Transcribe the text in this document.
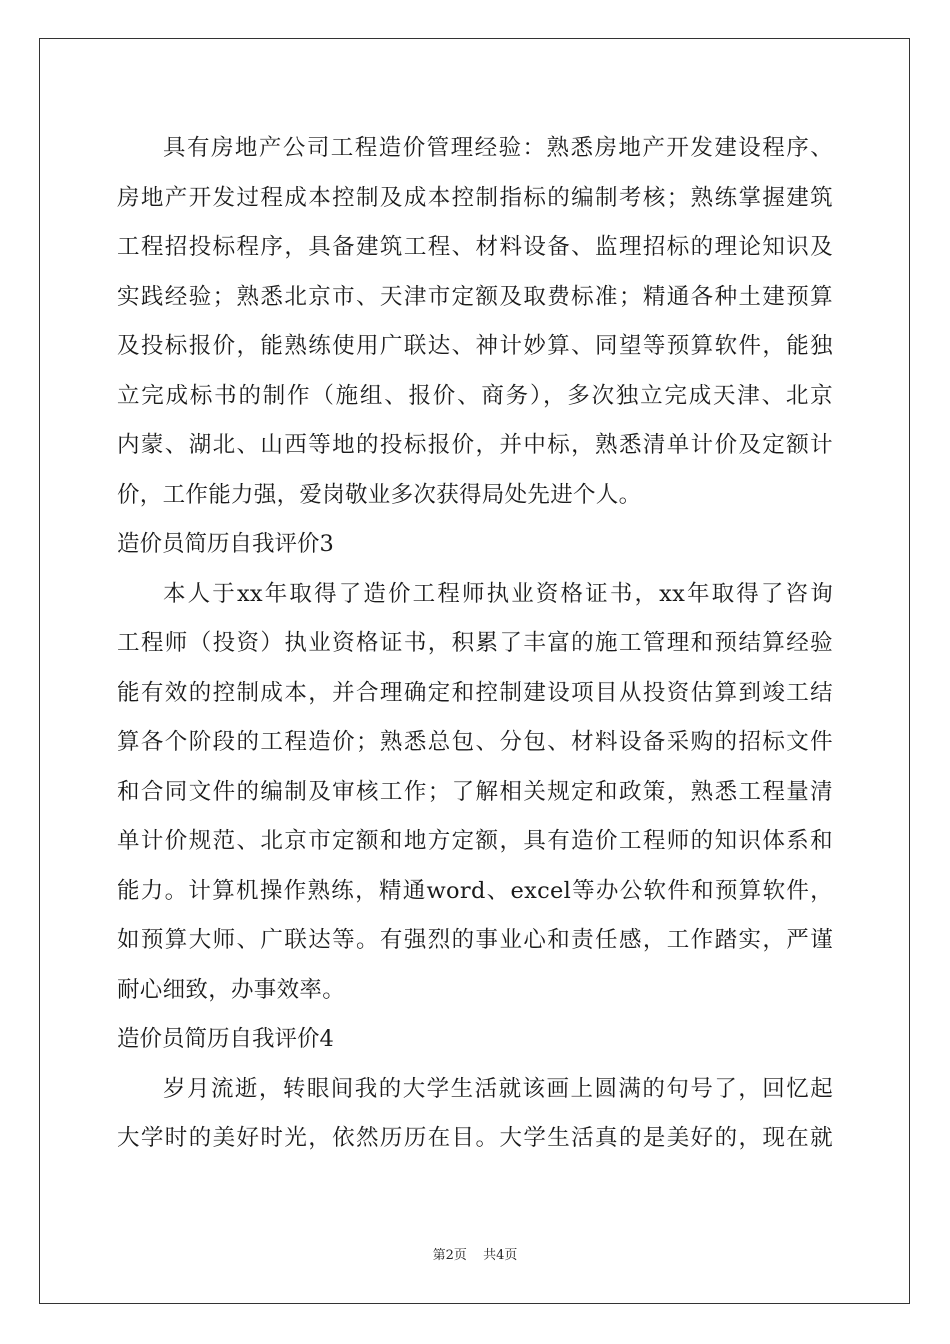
具有房地产公司工程造价管理经验：熟悉房地产开发建设程序、
房地产开发过程成本控制及成本控制指标的编制考核；熟练掌握建筑
工程招投标程序，具备建筑工程、材料设备、监理招标的理论知识及
实践经验；熟悉北京市、天津市定额及取费标准；精通各种土建预算
及投标报价，能熟练使用广联达、神计妙算、同望等预算软件，能独
立完成标书的制作（施组、报价、商务），多次独立完成天津、北京
内蒙、湖北、山西等地的投标报价，并中标，熟悉清单计价及定额计
价，工作能力强，爱岗敬业多次获得局处先进个人。
造价员简历自我评价3
本人于xx年取得了造价工程师执业资格证书，xx年取得了咨询
工程师（投资）执业资格证书，积累了丰富的施工管理和预结算经验
能有效的控制成本，并合理确定和控制建设项目从投资估算到竣工结
算各个阶段的工程造价；熟悉总包、分包、材料设备采购的招标文件
和合同文件的编制及审核工作；了解相关规定和政策，熟悉工程量清
单计价规范、北京市定额和地方定额，具有造价工程师的知识体系和
能力。计算机操作熟练，精通word、excel等办公软件和预算软件，
如预算大师、广联达等。有强烈的事业心和责任感，工作踏实，严谨
耐心细致，办事效率。
造价员简历自我评价4
岁月流逝，转眼间我的大学生活就该画上圆满的句号了，回忆起
大学时的美好时光，依然历历在目。大学生活真的是美好的，现在就
第2页 共4页
